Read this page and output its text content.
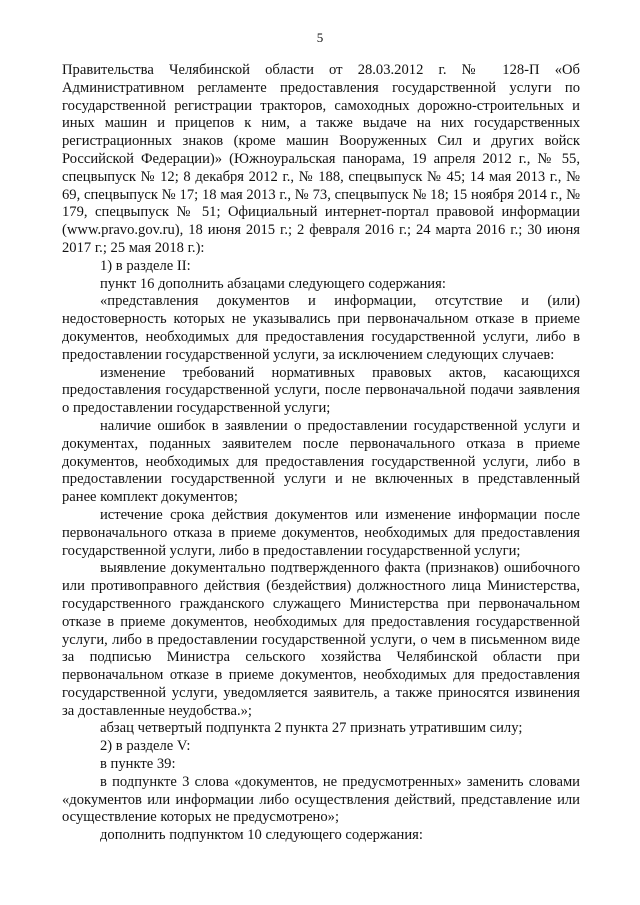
5

Правительства Челябинской области от 28.03.2012 г. № 128-П «Об Административном регламенте предоставления государственной услуги по государственной регистрации тракторов, самоходных дорожно-строительных и иных машин и прицепов к ним, а также выдаче на них государственных регистрационных знаков (кроме машин Вооруженных Сил и других войск Российской Федерации)» (Южноуральская панорама, 19 апреля 2012 г., № 55, спецвыпуск № 12; 8 декабря 2012 г., № 188, спецвыпуск № 45; 14 мая 2013 г., № 69, спецвыпуск № 17; 18 мая 2013 г., № 73, спецвыпуск № 18; 15 ноября 2014 г., № 179, спецвыпуск № 51; Официальный интернет-портал правовой информации (www.pravo.gov.ru), 18 июня 2015 г.; 2 февраля 2016 г.; 24 марта 2016 г.; 30 июня 2017 г.; 25 мая 2018 г.):

1) в разделе II:

пункт 16 дополнить абзацами следующего содержания:

«представления документов и информации, отсутствие и (или) недостоверность которых не указывались при первоначальном отказе в приеме документов, необходимых для предоставления государственной услуги, либо в предоставлении государственной услуги, за исключением следующих случаев:

изменение требований нормативных правовых актов, касающихся предоставления государственной услуги, после первоначальной подачи заявления о предоставлении государственной услуги;

наличие ошибок в заявлении о предоставлении государственной услуги и документах, поданных заявителем после первоначального отказа в приеме документов, необходимых для предоставления государственной услуги, либо в предоставлении государственной услуги и не включенных в представленный ранее комплект документов;

истечение срока действия документов или изменение информации после первоначального отказа в приеме документов, необходимых для предоставления государственной услуги, либо в предоставлении государственной услуги;

выявление документально подтвержденного факта (признаков) ошибочного или противоправного действия (бездействия) должностного лица Министерства, государственного гражданского служащего Министерства при первоначальном отказе в приеме документов, необходимых для предоставления государственной услуги, либо в предоставлении государственной услуги, о чем в письменном виде за подписью Министра сельского хозяйства Челябинской области при первоначальном отказе в приеме документов, необходимых для предоставления государственной услуги, уведомляется заявитель, а также приносятся извинения за доставленные неудобства.»;

абзац четвертый подпункта 2 пункта 27 признать утратившим силу;

2) в разделе V:

в пункте 39:

в подпункте 3 слова «документов, не предусмотренных» заменить словами «документов или информации либо осуществления действий, представление или осуществление которых не предусмотрено»;

дополнить подпунктом 10 следующего содержания:
